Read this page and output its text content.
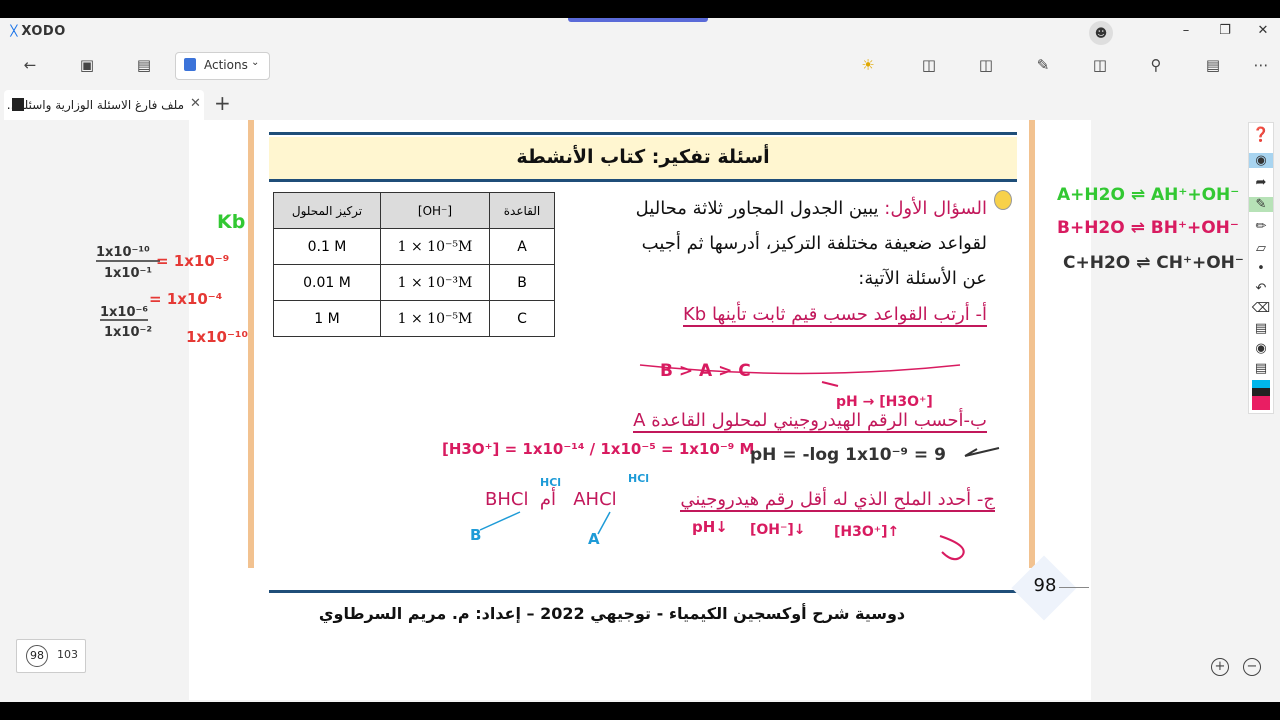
ᚷ XODO	☻	–	❐	✕
←	▣	▤	Actions ⌄	☀	◫	◫	✎	◫	⚲	▤ ⋯
ملف فارغ الاسئلة الوزارية واسئلة... ✕ +
أسئلة تفكير: كتاب الأنشطة
تركيز المحلول	[OH⁻]	القاعدة
0.1 M	1 × 10⁻⁵M	A
0.01 M	1 × 10⁻³M	B
1 M	1 × 10⁻⁵M	C
السؤال الأول: يبين الجدول المجاور ثلاثة محاليل
لقواعد ضعيفة مختلفة التركيز، أدرسها ثم أجيب
عن الأسئلة الآتية:
أ- أرتب القواعد حسب قيم ثابت تأينها Kb
ب-أحسب الرقم الهيدروجيني لمحلول القاعدة A
ج- أحدد الملح الذي له أقل رقم هيدروجيني
BHCl أم AHCl
دوسية شرح أوكسجين الكيمياء - توجيهي 2022 – إعداد: م. مريم السرطاوي
98
98	103
+ −
Kb
1x10⁻¹⁰
1x10⁻¹
= 1x10⁻⁹
1x10⁻⁶
1x10⁻²
= 1x10⁻⁴
1x10⁻¹⁰
A+H2O ⇌ AH⁺+OH⁻
B+H2O ⇌ BH⁺+OH⁻
C+H2O ⇌ CH⁺+OH⁻
B > A > C
pH → [H3O⁺]
[H3O⁺] = 1x10⁻¹⁴ / 1x10⁻⁵ = 1x10⁻⁹ M
pH = -log 1x10⁻⁹ = 9
HCl	HCl
B	A
pH↓ [OH⁻]↓ [H3O⁺]↑
❓
◉
➦
✎
✏
▱
•
↶
⌫
▤
◉
▤
